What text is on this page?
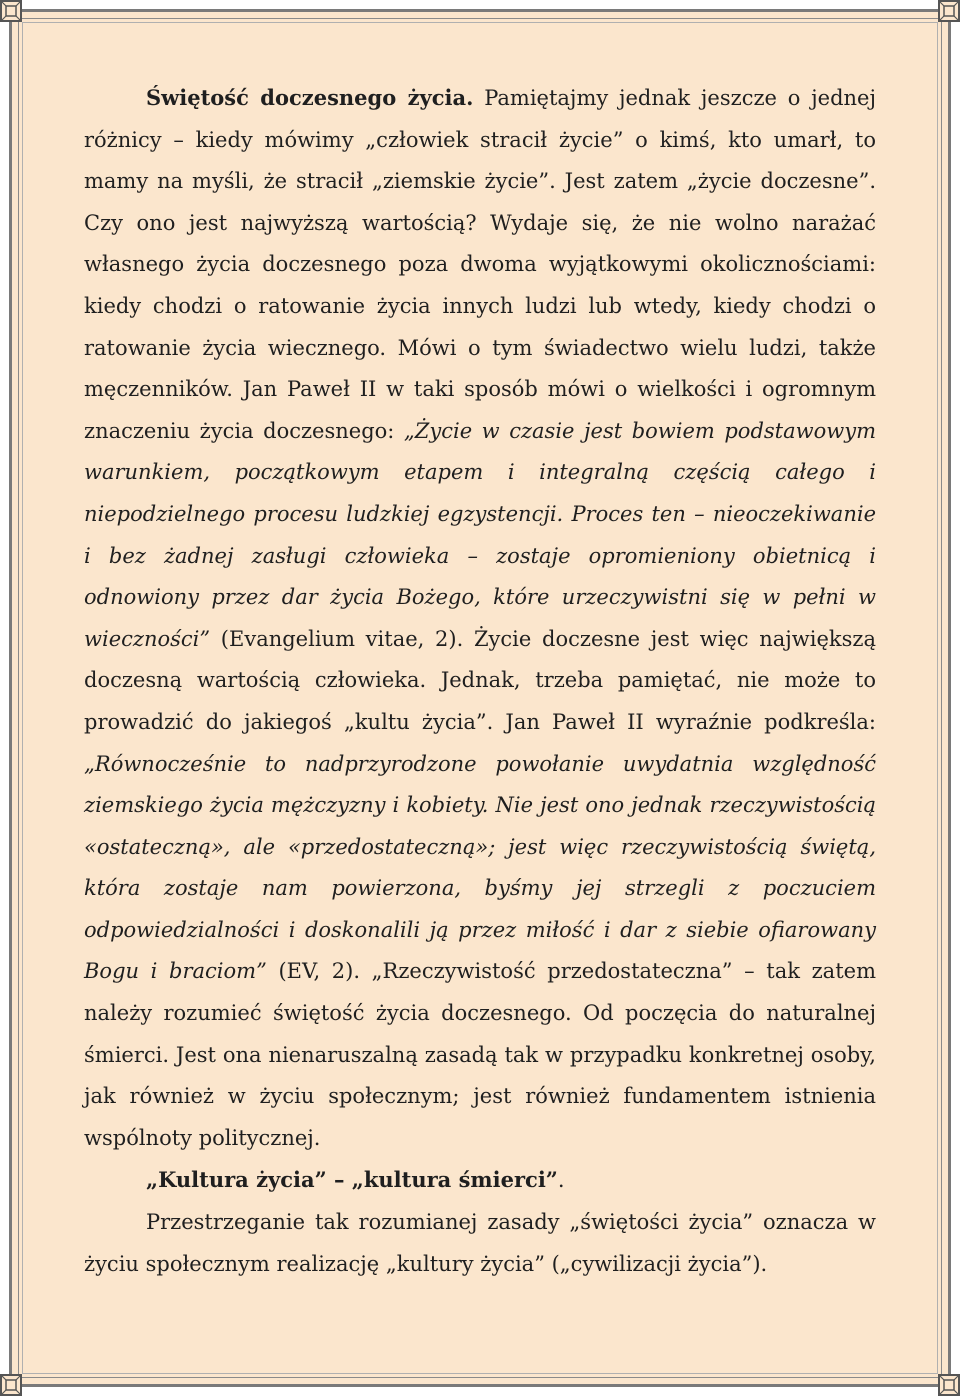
Świętość doczesnego życia. Pamiętajmy jednak jeszcze o jednej różnicy – kiedy mówimy „człowiek stracił życie” o kimś, kto umarł, to mamy na myśli, że stracił „ziemskie życie”. Jest zatem „życie doczesne”. Czy ono jest najwyższą wartością? Wydaje się, że nie wolno narażać własnego życia doczesnego poza dwoma wyjątkowymi okolicznościami: kiedy chodzi o ratowanie życia innych ludzi lub wtedy, kiedy chodzi o ratowanie życia wiecznego. Mówi o tym świadectwo wielu ludzi, także męczenników. Jan Paweł II w taki sposób mówi o wielkości i ogromnym znaczeniu życia doczesnego: „Życie w czasie jest bowiem podstawowym warunkiem, początkowym etapem i integralną częścią całego i niepodzielnego procesu ludzkiej egzystencji. Proces ten – nieoczekiwanie i bez żadnej zasługi człowieka – zostaje opromieniony obietnicą i odnowiony przez dar życia Bożego, które urzeczywistni się w pełni w wieczności” (Evangelium vitae, 2). Życie doczesne jest więc największą doczesną wartością człowieka. Jednak, trzeba pamiętać, nie może to prowadzić do jakiegoś „kultu życia”. Jan Paweł II wyraźnie podkreśla: „Równocześnie to nadprzyrodzone powołanie uwydatnia względność ziemskiego życia mężczyzny i kobiety. Nie jest ono jednak rzeczywistością «ostateczną», ale «przedostateczną»; jest więc rzeczywistością świętą, która zostaje nam powierzona, byśmy jej strzegli z poczuciem odpowiedzialności i doskonalili ją przez miłość i dar z siebie ofiarowany Bogu i braciom” (EV, 2). „Rzeczywistość przedostateczna” – tak zatem należy rozumieć świętość życia doczesnego. Od poczęcia do naturalnej śmierci. Jest ona nienaruszalną zasadą tak w przypadku konkretnej osoby, jak również w życiu społecznym; jest również fundamentem istnienia wspólnoty politycznej.

„Kultura życia” – „kultura śmierci”.

Przestrzeganie tak rozumianej zasady „świętości życia” oznacza w życiu społecznym realizację „kultury życia” („cywilizacji życia”).
